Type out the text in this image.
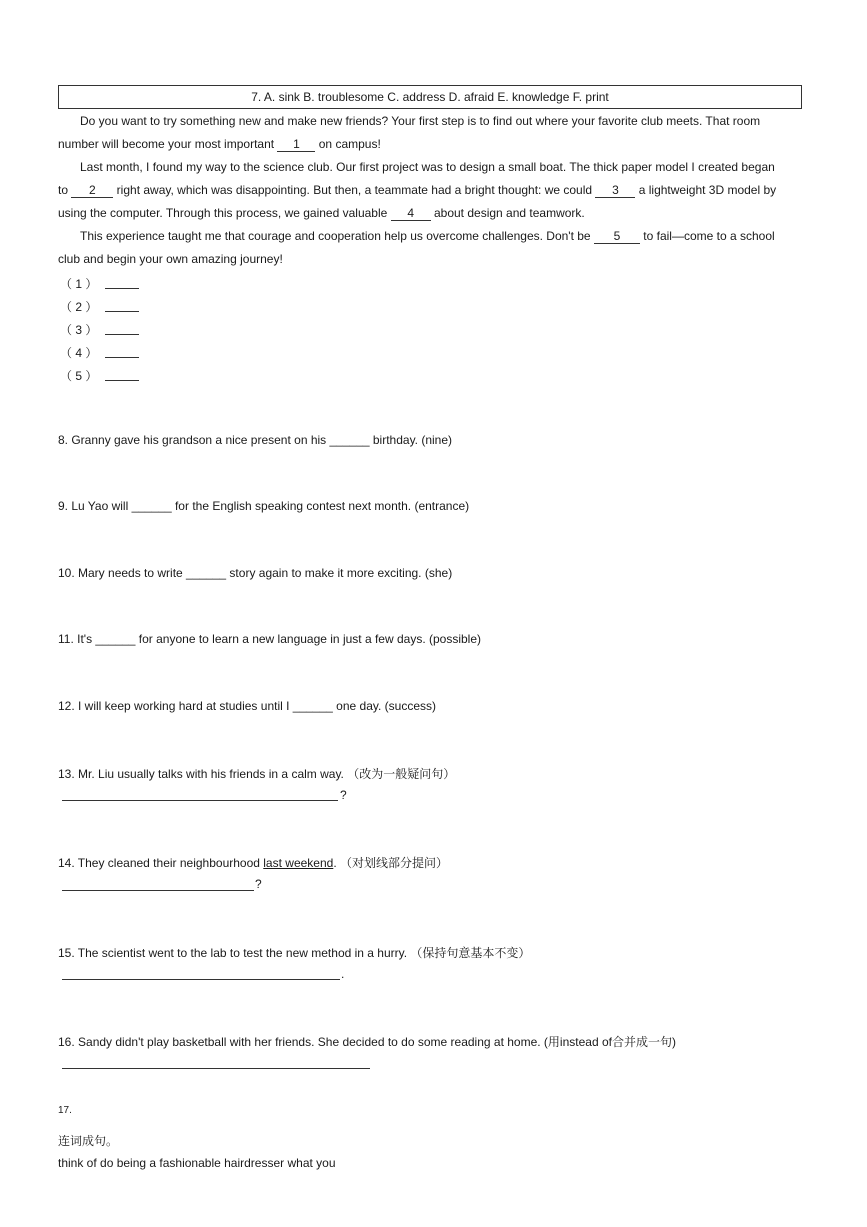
7. A. sink B. troublesome C. address D. afraid E. knowledge F. print
Do you want to try something new and make new friends? Your first step is to find out where your favorite club meets. That room
number will become your most important 1 on campus!
Last month, I found my way to the science club. Our first project was to design a small boat. The thick paper model I created began
to 2 right away, which was disappointing. But then, a teammate had a bright thought: we could 3 a lightweight 3D model by
using the computer. Through this process, we gained valuable 4 about design and teamwork.
This experience taught me that courage and cooperation help us overcome challenges. Don't be 5 to fail—come to a school
club and begin your own amazing journey!
（ 1 ）
（ 2 ）
（ 3 ）
（ 4 ）
（ 5 ）
8. Granny gave his grandson a nice present on his ______ birthday. (nine)
9. Lu Yao will ______ for the English speaking contest next month. (entrance)
10. Mary needs to write ______ story again to make it more exciting. (she)
11. It's ______ for anyone to learn a new language in just a few days. (possible)
12. I will keep working hard at studies until I ______ one day. (success)
13. Mr. Liu usually talks with his friends in a calm way. （改为一般疑问句）
?
14. They cleaned their neighbourhood last weekend. （对划线部分提问）
?
15. The scientist went to the lab to test the new method in a hurry. （保持句意基本不变）
.
16. Sandy didn't play basketball with her friends. She decided to do some reading at home. (用instead of合并成一句)
17.
连词成句。
think of do being a fashionable hairdresser what you
